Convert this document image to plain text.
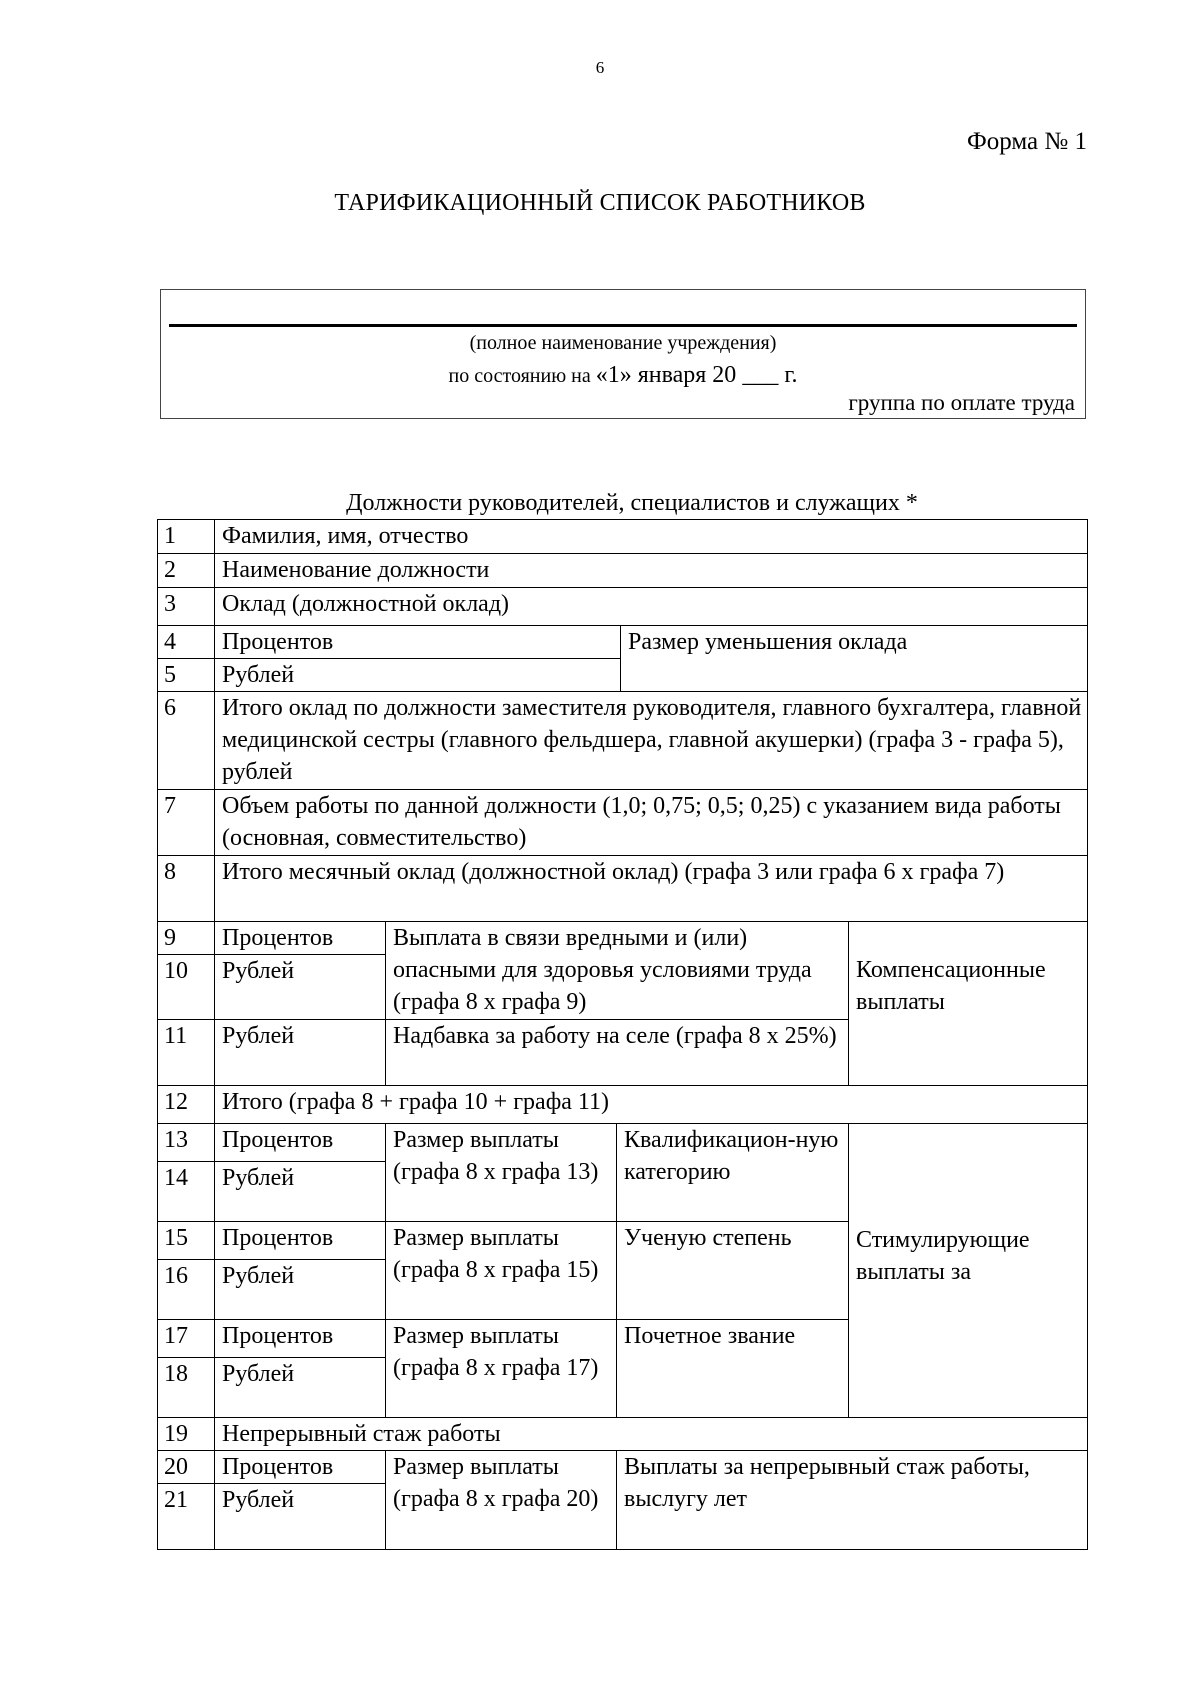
6
Форма № 1
ТАРИФИКАЦИОННЫЙ СПИСОК РАБОТНИКОВ
(полное наименование учреждения)
по состоянию на «1» января 20 ___ г.
группа по оплате труда
Должности руководителей, специалистов и служащих *
1	Фамилия, имя, отчество				
2	Наименование должности				
3	Оклад (должностной оклад)				
4	Процентов			Размер уменьшения оклада	
5	Рублей				
6	Итого оклад по должности заместителя руководителя, главного бухгалтера, главной медицинской сестры (главного фельдшера, главной акушерки) (графа 3 - графа 5), рублей				
7	Объем работы по данной должности (1,0; 0,75; 0,5; 0,25) с указанием вида работы (основная, совместительство)				
8	Итого месячный оклад (должностной оклад) (графа 3 или графа 6 х графа 7)				
9	Процентов	Выплата в связи вредными и (или) опасными для здоровья условиями труда (графа 8 х графа 9)			Компенсационные выплаты
10	Рублей				
11	Рублей	Надбавка за работу на селе (графа 8 х 25%)			
12	Итого (графа 8 + графа 10 + графа 11)				
13	Процентов	Размер выплаты (графа 8 х графа 13)	Квалификацион-ную категорию		Стимулирующие выплаты за
14	Рублей				
15	Процентов	Размер выплаты (графа 8 х графа 15)	Ученую степень		
16	Рублей				
17	Процентов	Размер выплаты (графа 8 х графа 17)	Почетное звание		
18	Рублей				
19	Непрерывный стаж работы				
20	Процентов	Размер выплаты (графа 8 х графа 20)	Выплаты за непрерывный стаж работы, выслугу лет		
21	Рублей				
